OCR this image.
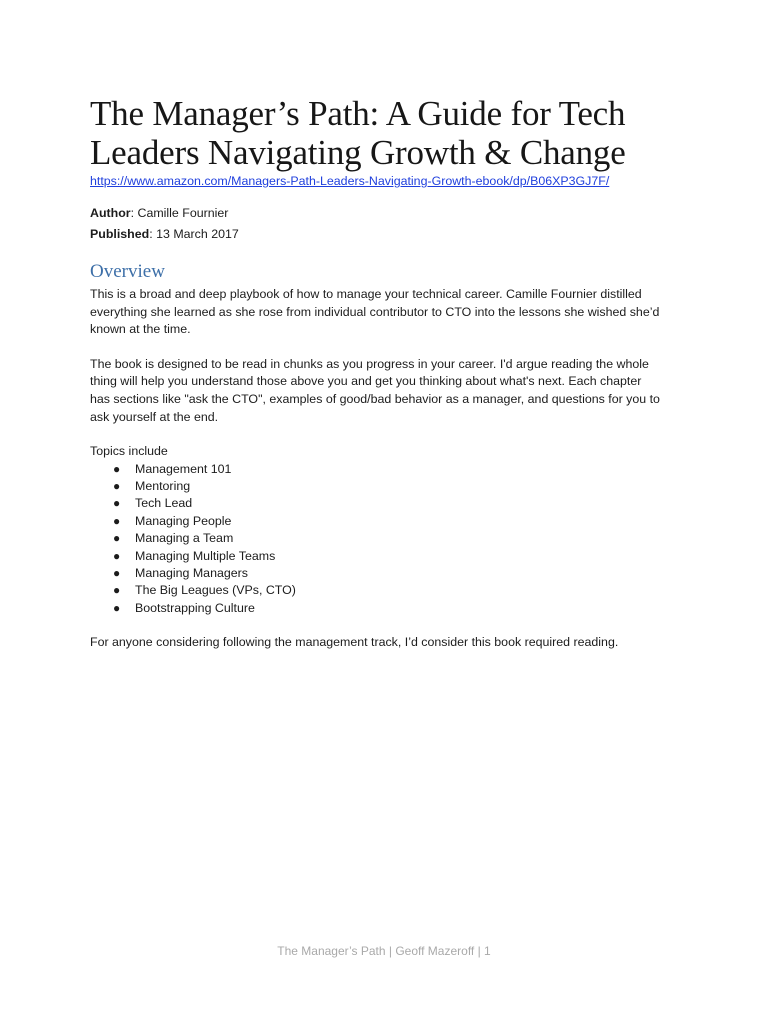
The Manager’s Path: A Guide for Tech
Leaders Navigating Growth & Change
https://www.amazon.com/Managers-Path-Leaders-Navigating-Growth-ebook/dp/B06XP3GJ7F/
Author: Camille Fournier
Published: 13 March 2017
Overview

This is a broad and deep playbook of how to manage your technical career. Camille Fournier distilled
everything she learned as she rose from individual contributor to CTO into the lessons she wished she’d
known at the time.

The book is designed to be read in chunks as you progress in your career. I'd argue reading the whole
thing will help you understand those above you and get you thinking about what's next. Each chapter
has sections like "ask the CTO", examples of good/bad behavior as a manager, and questions for you to
ask yourself at the end.

Topics include

● Management 101
● Mentoring
● Tech Lead
● Managing People
● Managing a Team
● Managing Multiple Teams
● Managing Managers
● The Big Leagues (VPs, CTO)
● Bootstrapping Culture

For anyone considering following the management track, I’d consider this book required reading.

The Manager’s Path | Geoff Mazeroff | 1
